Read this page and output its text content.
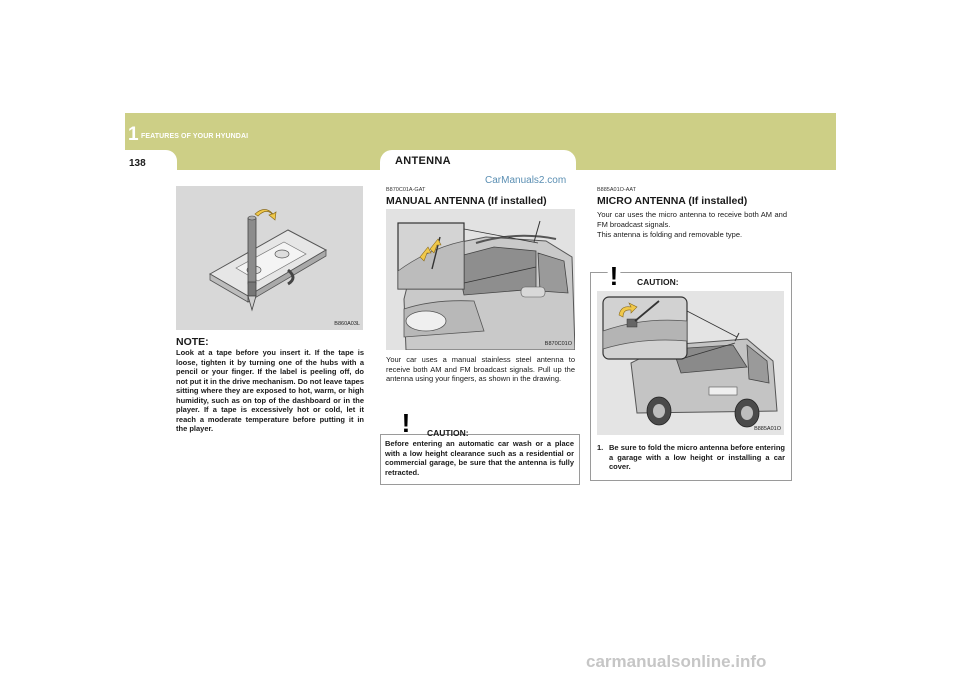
1 FEATURES OF YOUR HYUNDAI
138	ANTENNA
CarManuals2.com
B860A03L
NOTE:
Look at a tape before you insert it. If the tape is loose, tighten it by turning one of the hubs with a pencil or your finger. If the label is peeling off, do not put it in the drive mechanism. Do not leave tapes sitting where they are exposed to hot, warm, or high humidity, such as on top of the dashboard or in the player. If a tape is excessively hot or cold, let it reach a moderate temperature before putting it in the player.
B870C01A-GAT
MANUAL ANTENNA (If installed)
B870C01O
Your car uses a manual stainless steel antenna to receive both AM and FM broadcast signals. Pull up the antenna using your fingers, as shown in the drawing.
! CAUTION:
Before entering an automatic car wash or a place with a low height clearance such as a residential or commercial garage, be sure that the antenna is fully retracted.
B885A01O-AAT
MICRO ANTENNA (If installed)
Your car uses the micro antenna to receive both AM and FM broadcast signals.
This antenna is folding and removable type.
! CAUTION:
B885A01O
1. Be sure to fold the micro antenna before entering a garage with a low height or installing a car cover.
carmanualsonline.info
